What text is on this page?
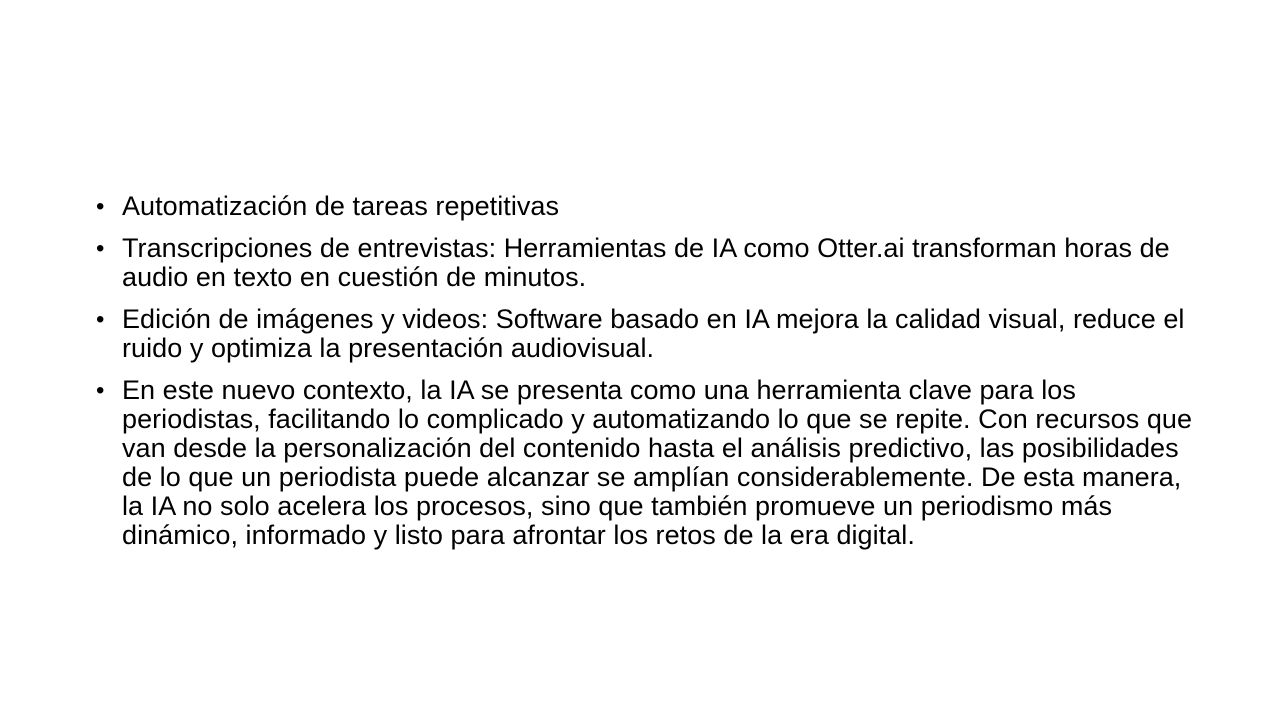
• Automatización de tareas repetitivas
• Transcripciones de entrevistas: Herramientas de IA como Otter.ai transforman horas de audio en texto en cuestión de minutos.
• Edición de imágenes y videos: Software basado en IA mejora la calidad visual, reduce el ruido y optimiza la presentación audiovisual.
• En este nuevo contexto, la IA se presenta como una herramienta clave para los periodistas, facilitando lo complicado y automatizando lo que se repite. Con recursos que van desde la personalización del contenido hasta el análisis predictivo, las posibilidades de lo que un periodista puede alcanzar se amplían considerablemente. De esta manera, la IA no solo acelera los procesos, sino que también promueve un periodismo más dinámico, informado y listo para afrontar los retos de la era digital.
